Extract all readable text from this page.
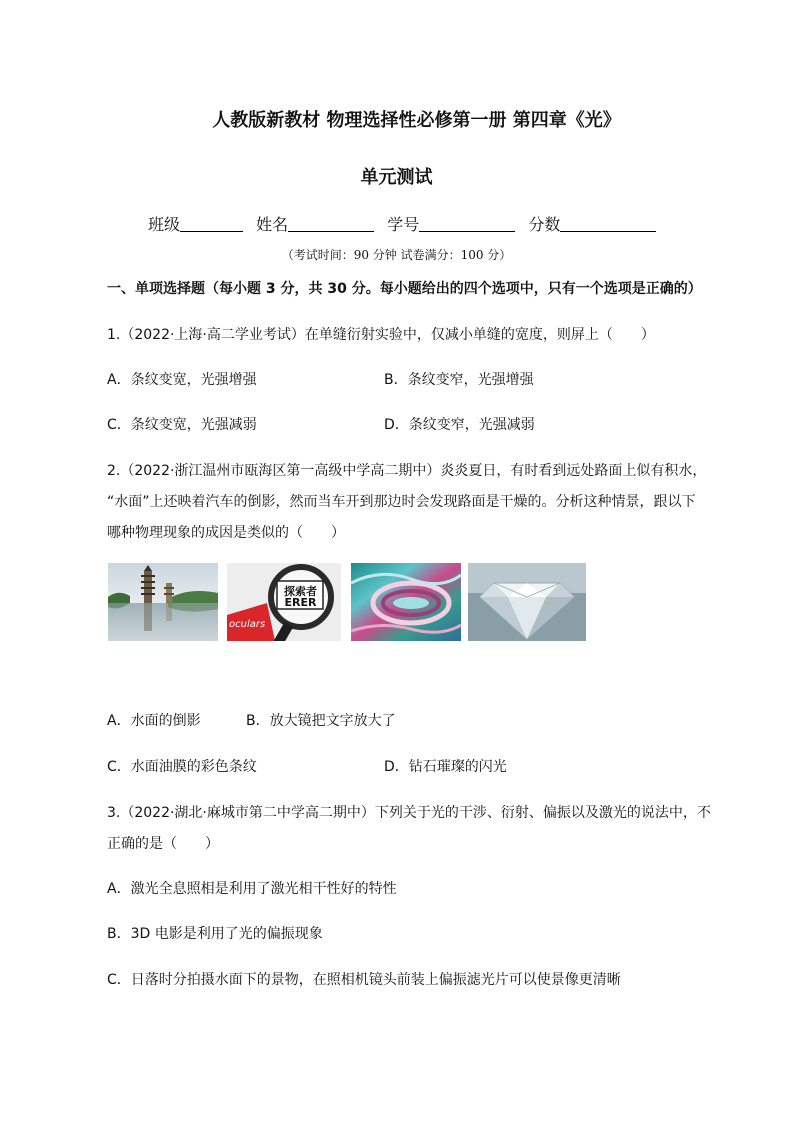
人教版新教材 物理选择性必修第一册 第四章《光》
单元测试
班级	姓名	学号	分数
（考试时间：90 分钟 试卷满分：100 分）
一、单项选择题（每小题 3 分，共 30 分。每小题给出的四个选项中，只有一个选项是正确的）
1.（2022·上海·高二学业考试）在单缝衍射实验中，仅减小单缝的宽度，则屏上（　　）
A．条纹变宽，光强增强	B．条纹变窄，光强增强
C．条纹变宽，光强减弱	D．条纹变窄，光强减弱
2.（2022·浙江温州市瓯海区第一高级中学高二期中）炎炎夏日，有时看到远处路面上似有积水，
“水面”上还映着汽车的倒影，然而当车开到那边时会发现路面是干燥的。分析这种情景，跟以下
哪种物理现象的成因是类似的（　　）
探索者
ERER
oculars
A．水面的倒影	B．放大镜把文字放大了
C．水面油膜的彩色条纹	D．钻石璀璨的闪光
3.（2022·湖北·麻城市第二中学高二期中）下列关于光的干涉、衍射、偏振以及激光的说法中，不
正确的是（　　）
A．激光全息照相是利用了激光相干性好的特性
B．3D 电影是利用了光的偏振现象
C．日落时分拍摄水面下的景物，在照相机镜头前装上偏振滤光片可以使景像更清晰
